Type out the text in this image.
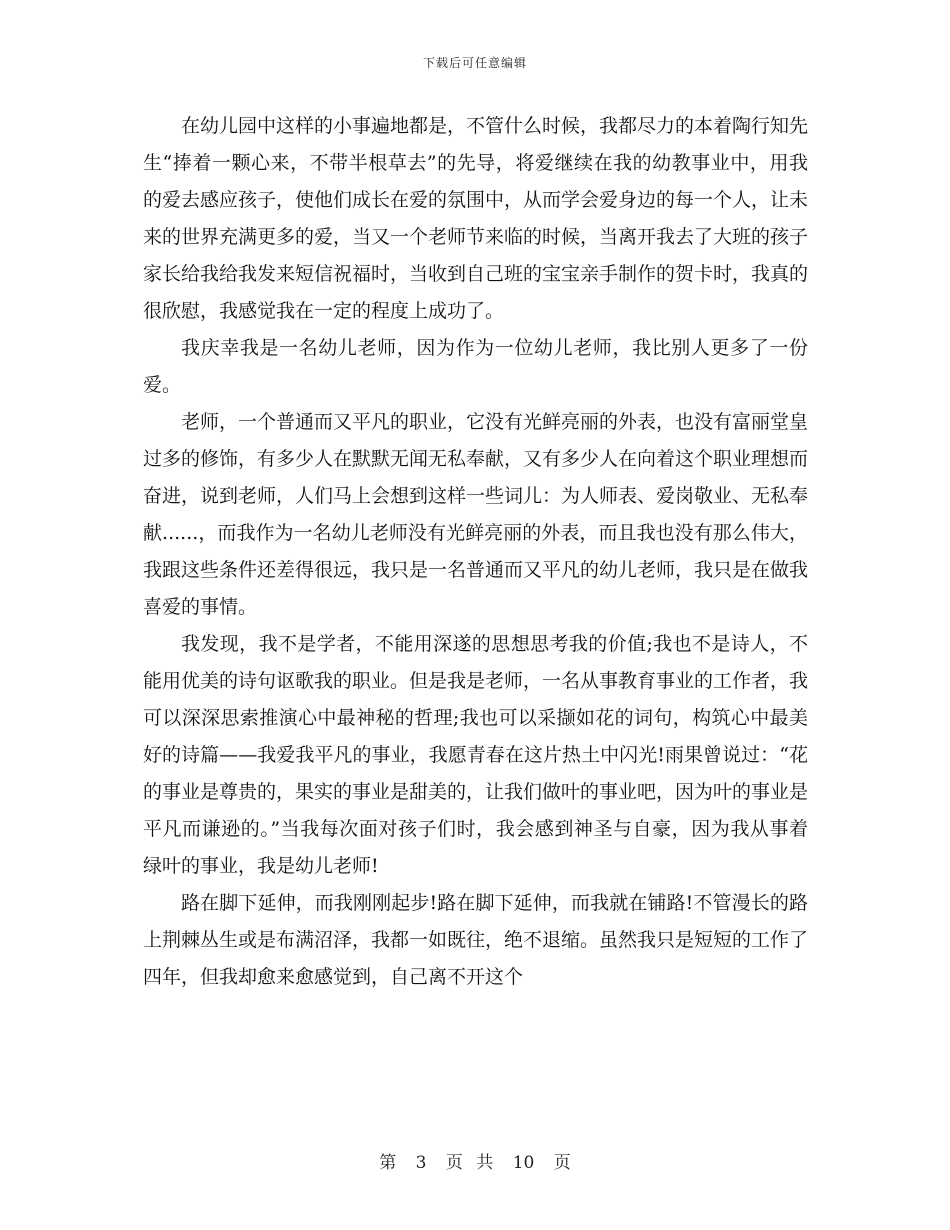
下载后可任意编辑

在幼儿园中这样的小事遍地都是，不管什么时候，我都尽力的本着陶行知先生“捧着一颗心来，不带半根草去”的先导，将爱继续在我的幼教事业中，用我的爱去感应孩子，使他们成长在爱的氛围中，从而学会爱身边的每一个人，让未来的世界充满更多的爱，当又一个老师节来临的时候，当离开我去了大班的孩子家长给我给我发来短信祝福时，当收到自己班的宝宝亲手制作的贺卡时，我真的很欣慰，我感觉我在一定的程度上成功了。

我庆幸我是一名幼儿老师，因为作为一位幼儿老师，我比别人更多了一份爱。

老师，一个普通而又平凡的职业，它没有光鲜亮丽的外表，也没有富丽堂皇过多的修饰，有多少人在默默无闻无私奉献，又有多少人在向着这个职业理想而奋进，说到老师，人们马上会想到这样一些词儿：为人师表、爱岗敬业、无私奉献......，而我作为一名幼儿老师没有光鲜亮丽的外表，而且我也没有那么伟大，我跟这些条件还差得很远，我只是一名普通而又平凡的幼儿老师，我只是在做我喜爱的事情。

我发现，我不是学者，不能用深遂的思想思考我的价值;我也不是诗人，不能用优美的诗句讴歌我的职业。但是我是老师，一名从事教育事业的工作者，我可以深深思索推演心中最神秘的哲理;我也可以采撷如花的词句，构筑心中最美好的诗篇——我爱我平凡的事业，我愿青春在这片热土中闪光!雨果曾说过：“花的事业是尊贵的，果实的事业是甜美的，让我们做叶的事业吧，因为叶的事业是平凡而谦逊的。”当我每次面对孩子们时，我会感到神圣与自豪，因为我从事着绿叶的事业，我是幼儿老师!

路在脚下延伸，而我刚刚起步!路在脚下延伸，而我就在铺路!不管漫长的路上荆棘丛生或是布满沼泽，我都一如既往，绝不退缩。虽然我只是短短的工作了四年，但我却愈来愈感觉到，自己离不开这个

第 3 页 共 10 页
